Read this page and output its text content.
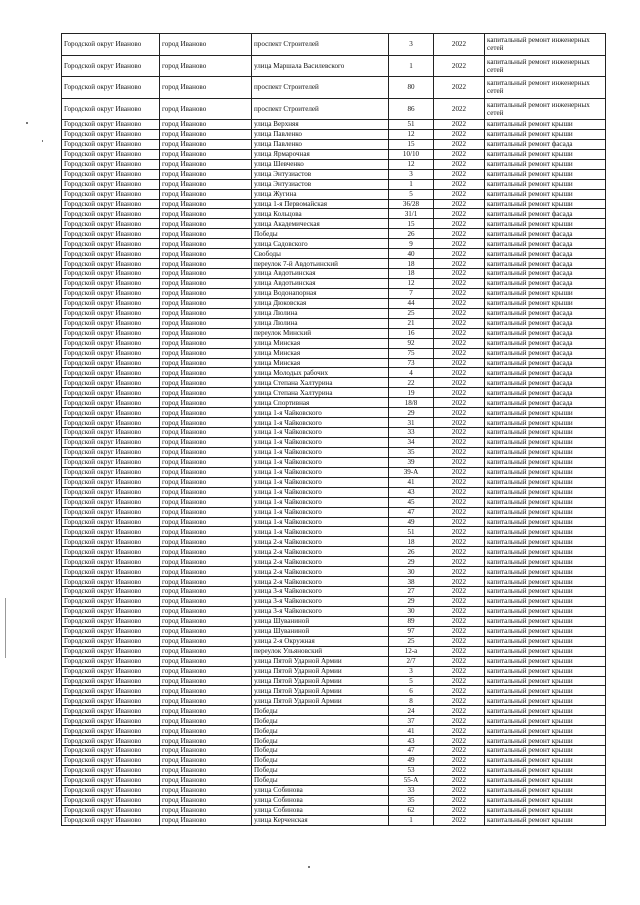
Городской округ Иваново	город Иваново	проспект Строителей	3	2022	капитальный ремонт инженерных сетей
Городской округ Иваново	город Иваново	улица Маршала Василевского	1	2022	капитальный ремонт инженерных сетей
Городской округ Иваново	город Иваново	проспект Строителей	80	2022	капитальный ремонт инженерных сетей
Городской округ Иваново	город Иваново	проспект Строителей	86	2022	капитальный ремонт инженерных сетей
Городской округ Иваново	город Иваново	улица Верхняя	51	2022	капитальный ремонт крыши
Городской округ Иваново	город Иваново	улица Павленко	12	2022	капитальный ремонт крыши
Городской округ Иваново	город Иваново	улица Павленко	15	2022	капитальный ремонт фасада
Городской округ Иваново	город Иваново	улица Ярмарочная	10/10	2022	капитальный ремонт крыши
Городской округ Иваново	город Иваново	улица Шевченко	12	2022	капитальный ремонт крыши
Городской округ Иваново	город Иваново	улица Энтузиастов	3	2022	капитальный ремонт крыши
Городской округ Иваново	город Иваново	улица Энтузиастов	1	2022	капитальный ремонт крыши
Городской округ Иваново	город Иваново	улица Жугина	5	2022	капитальный ремонт крыши
Городской округ Иваново	город Иваново	улица 1-я Первомайская	36/28	2022	капитальный ремонт крыши
Городской округ Иваново	город Иваново	улица Кольцова	31/1	2022	капитальный ремонт фасада
Городской округ Иваново	город Иваново	улица Академическая	15	2022	капитальный ремонт крыши
Городской округ Иваново	город Иваново	Победы	26	2022	капитальный ремонт фасада
Городской округ Иваново	город Иваново	улица Садовского	9	2022	капитальный ремонт фасада
Городской округ Иваново	город Иваново	Свободы	40	2022	капитальный ремонт фасада
Городской округ Иваново	город Иваново	переулок 7-й Авдотьинский	18	2022	капитальный ремонт фасада
Городской округ Иваново	город Иваново	улица Авдотьинская	18	2022	капитальный ремонт фасада
Городской округ Иваново	город Иваново	улица Авдотьинская	12	2022	капитальный ремонт фасада
Городской округ Иваново	город Иваново	улица Водонапорная	7	2022	капитальный ремонт крыши
Городской округ Иваново	город Иваново	улица Дюковская	44	2022	капитальный ремонт крыши
Городской округ Иваново	город Иваново	улица Люлина	25	2022	капитальный ремонт фасада
Городской округ Иваново	город Иваново	улица Люлина	21	2022	капитальный ремонт фасада
Городской округ Иваново	город Иваново	переулок Минский	16	2022	капитальный ремонт фасада
Городской округ Иваново	город Иваново	улица Минская	92	2022	капитальный ремонт фасада
Городской округ Иваново	город Иваново	улица Минская	75	2022	капитальный ремонт фасада
Городской округ Иваново	город Иваново	улица Минская	73	2022	капитальный ремонт фасада
Городской округ Иваново	город Иваново	улица Молодых рабочих	4	2022	капитальный ремонт фасада
Городской округ Иваново	город Иваново	улица Степана Халтурина	22	2022	капитальный ремонт фасада
Городской округ Иваново	город Иваново	улица Степана Халтурина	19	2022	капитальный ремонт фасада
Городской округ Иваново	город Иваново	улица Спортивная	18/8	2022	капитальный ремонт фасада
Городской округ Иваново	город Иваново	улица 1-я Чайковского	29	2022	капитальный ремонт крыши
Городской округ Иваново	город Иваново	улица 1-я Чайковского	31	2022	капитальный ремонт крыши
Городской округ Иваново	город Иваново	улица 1-я Чайковского	33	2022	капитальный ремонт крыши
Городской округ Иваново	город Иваново	улица 1-я Чайковского	34	2022	капитальный ремонт крыши
Городской округ Иваново	город Иваново	улица 1-я Чайковского	35	2022	капитальный ремонт крыши
Городской округ Иваново	город Иваново	улица 1-я Чайковского	39	2022	капитальный ремонт крыши
Городской округ Иваново	город Иваново	улица 1-я Чайковского	39-А	2022	капитальный ремонт крыши
Городской округ Иваново	город Иваново	улица 1-я Чайковского	41	2022	капитальный ремонт крыши
Городской округ Иваново	город Иваново	улица 1-я Чайковского	43	2022	капитальный ремонт крыши
Городской округ Иваново	город Иваново	улица 1-я Чайковского	45	2022	капитальный ремонт крыши
Городской округ Иваново	город Иваново	улица 1-я Чайковского	47	2022	капитальный ремонт крыши
Городской округ Иваново	город Иваново	улица 1-я Чайковского	49	2022	капитальный ремонт крыши
Городской округ Иваново	город Иваново	улица 1-я Чайковского	51	2022	капитальный ремонт крыши
Городской округ Иваново	город Иваново	улица 2-я Чайковского	18	2022	капитальный ремонт крыши
Городской округ Иваново	город Иваново	улица 2-я Чайковского	26	2022	капитальный ремонт крыши
Городской округ Иваново	город Иваново	улица 2-я Чайковского	29	2022	капитальный ремонт крыши
Городской округ Иваново	город Иваново	улица 2-я Чайковского	30	2022	капитальный ремонт крыши
Городской округ Иваново	город Иваново	улица 2-я Чайковского	38	2022	капитальный ремонт крыши
Городской округ Иваново	город Иваново	улица 3-я Чайковского	27	2022	капитальный ремонт крыши
Городской округ Иваново	город Иваново	улица 3-я Чайковского	29	2022	капитальный ремонт крыши
Городской округ Иваново	город Иваново	улица 3-я Чайковского	30	2022	капитальный ремонт крыши
Городской округ Иваново	город Иваново	улица Шуваниной	89	2022	капитальный ремонт крыши
Городской округ Иваново	город Иваново	улица Шуваниной	97	2022	капитальный ремонт крыши
Городской округ Иваново	город Иваново	улица 2-я Окружная	25	2022	капитальный ремонт крыши
Городской округ Иваново	город Иваново	переулок Ульяновский	12-а	2022	капитальный ремонт крыши
Городской округ Иваново	город Иваново	улица Пятой Ударной Армии	2/7	2022	капитальный ремонт крыши
Городской округ Иваново	город Иваново	улица Пятой Ударной Армии	3	2022	капитальный ремонт крыши
Городской округ Иваново	город Иваново	улица Пятой Ударной Армии	5	2022	капитальный ремонт крыши
Городской округ Иваново	город Иваново	улица Пятой Ударной Армии	6	2022	капитальный ремонт крыши
Городской округ Иваново	город Иваново	улица Пятой Ударной Армии	8	2022	капитальный ремонт крыши
Городской округ Иваново	город Иваново	Победы	24	2022	капитальный ремонт крыши
Городской округ Иваново	город Иваново	Победы	37	2022	капитальный ремонт крыши
Городской округ Иваново	город Иваново	Победы	41	2022	капитальный ремонт крыши
Городской округ Иваново	город Иваново	Победы	43	2022	капитальный ремонт крыши
Городской округ Иваново	город Иваново	Победы	47	2022	капитальный ремонт крыши
Городской округ Иваново	город Иваново	Победы	49	2022	капитальный ремонт крыши
Городской округ Иваново	город Иваново	Победы	53	2022	капитальный ремонт крыши
Городской округ Иваново	город Иваново	Победы	55-А	2022	капитальный ремонт крыши
Городской округ Иваново	город Иваново	улица Собинова	33	2022	капитальный ремонт крыши
Городской округ Иваново	город Иваново	улица Собинова	35	2022	капитальный ремонт крыши
Городской округ Иваново	город Иваново	улица Собинова	62	2022	капитальный ремонт крыши
Городской округ Иваново	город Иваново	улица Керченская	1	2022	капитальный ремонт крыши
